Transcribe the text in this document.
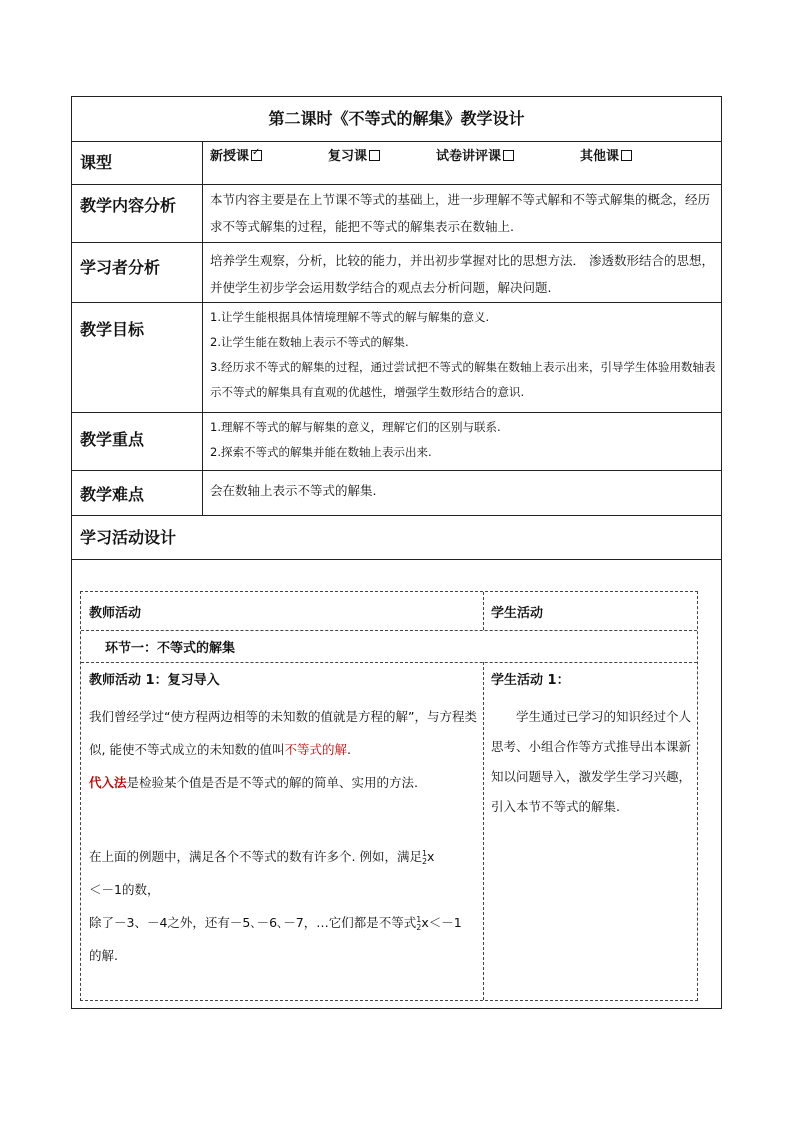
第二课时《不等式的解集》教学设计
课型	新授课✓	复习课	试卷讲评课	其他课
教学内容分析	本节内容主要是在上节课不等式的基础上，进一步理解不等式解和不等式解集的概念，经历求不等式解集的过程，能把不等式的解集表示在数轴上.
学习者分析	培养学生观察，分析，比较的能力，并出初步掌握对比的思想方法． 渗透数形结合的思想，并使学生初步学会运用数学结合的观点去分析问题，解决问题.
教学目标

1.让学生能根据具体情境理解不等式的解与解集的意义.

2.让学生能在数轴上表示不等式的解集.

3.经历求不等式的解集的过程，通过尝试把不等式的解集在数轴上表示出来，引导学生体验用数轴表示不等式的解集具有直观的优越性，增强学生数形结合的意识.

教学重点

1.理解不等式的解与解集的意义，理解它们的区别与联系.

2.探索不等式的解集并能在数轴上表示出来.

教学难点	会在数轴上表示不等式的解集.
学习活动设计
教师活动	学生活动
环节一：不等式的解集
教师活动 1：复习导入	学生活动 1：

我们曾经学过“使方程两边相等的未知数的值就是方程的解”，与方程类似, 能使不等式成立的未知数的值叫不等式的解.

代入法是检验某个值是否是不等式的解的简单、实用的方法.

在上面的例题中，满足各个不等式的数有许多个. 例如，满足 1
2 x

＜－1的数，

除了－3、－4之外，还有－5､－6､－7，…它们都是不等式 1
2 x＜－1

的解.

学生通过已学习的知识经过个人思考、小组合作等方式推导出本课新知以问题导入，激发学生学习兴趣，引入本节不等式的解集.
